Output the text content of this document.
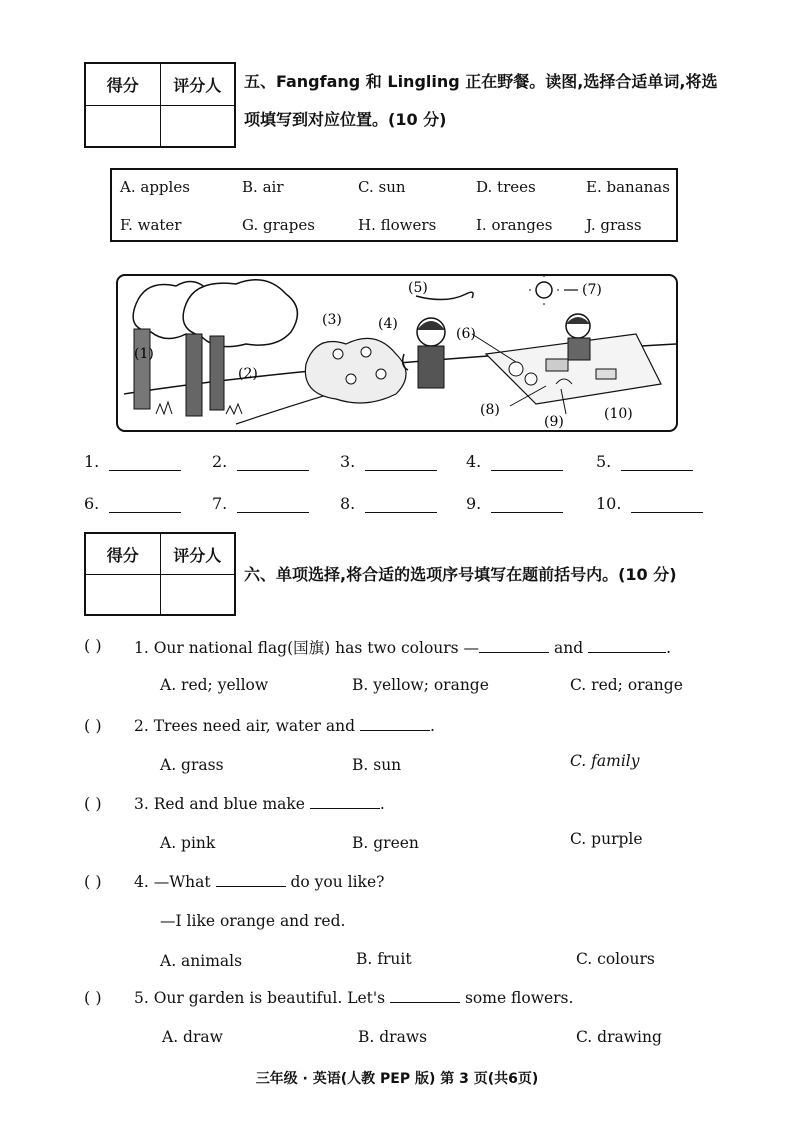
得分	评分人	五、Fangfang 和 Lingling 正在野餐。读图,选择合适单词,将选
项填写到对应位置。(10 分)
A. apples	B. air	C. sun	D. trees	E. bananas
F. water	G. grapes	H. flowers	I. oranges J. grass
(1)
(2)
(3)	(4)
(5)
(6)
(7)
(8)
(9)	(10)
1.	2.	3.	4.	5.
6.	7.	8.	9.	10.
得分	评分人
六、单项选择,将合适的选项序号填写在题前括号内。(10 分)
( ) 1. Our national flag(国旗) has two colours —	and	.
A. red; yellow	B. yellow; orange	C. red; orange
( ) 2. Trees need air, water and	.
A. grass	B. sun	C. family
( ) 3. Red and blue make	.
A. pink	B. green	C. purple
( ) 4. —What	do you like?
—I like orange and red.
A. animals	B. fruit	C. colours
( ) 5. Our garden is beautiful. Let's	some flowers.
A. draw	B. draws	C. drawing
三年级 · 英语(人教 PEP 版) 第 3 页(共6页)
